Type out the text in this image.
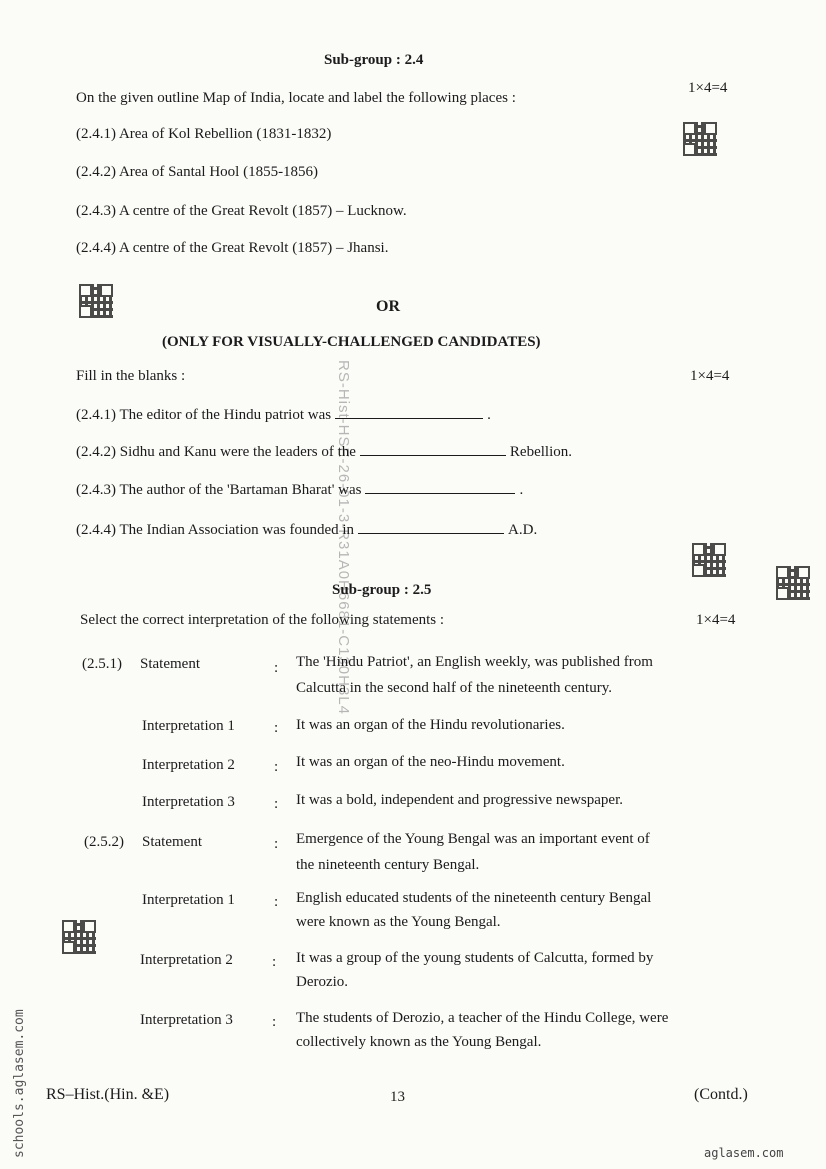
RS-Hist-HSE-26-01-3-R31A0H6681-C130H3L4
Sub-group : 2.4
On the given outline Map of India, locate and label the following places :
1×4=4
(2.4.1) Area of Kol Rebellion (1831-1832)
(2.4.2) Area of Santal Hool (1855-1856)
(2.4.3) A centre of the Great Revolt (1857) – Lucknow.
(2.4.4) A centre of the Great Revolt (1857) – Jhansi.
OR
(ONLY FOR VISUALLY-CHALLENGED CANDIDATES)
Fill in the blanks :	1×4=4
(2.4.1) The editor of the Hindu patriot was	.
(2.4.2) Sidhu and Kanu were the leaders of the	Rebellion.
(2.4.3) The author of the 'Bartaman Bharat' was	.
(2.4.4) The Indian Association was founded in	A.D.
Sub-group : 2.5
Select the correct interpretation of the following statements :	1×4=4
(2.5.1) Statement	: The 'Hindu Patriot', an English weekly, was published from
Calcutta in the second half of the nineteenth century.
Interpretation 1	: It was an organ of the Hindu revolutionaries.
Interpretation 2	: It was an organ of the neo-Hindu movement.
Interpretation 3	: It was a bold, independent and progressive newspaper.
(2.5.2) Statement	: Emergence of the Young Bengal was an important event of
the nineteenth century Bengal.
Interpretation 1	: English educated students of the nineteenth century Bengal
were known as the Young Bengal.
Interpretation 2	: It was a group of the young students of Calcutta, formed by
Derozio.
Interpretation 3	: The students of Derozio, a teacher of the Hindu College, were
collectively known as the Young Bengal.
RS–Hist.(Hin. &E)	13	(Contd.)
schools.aglasem.com	aglasem.com
